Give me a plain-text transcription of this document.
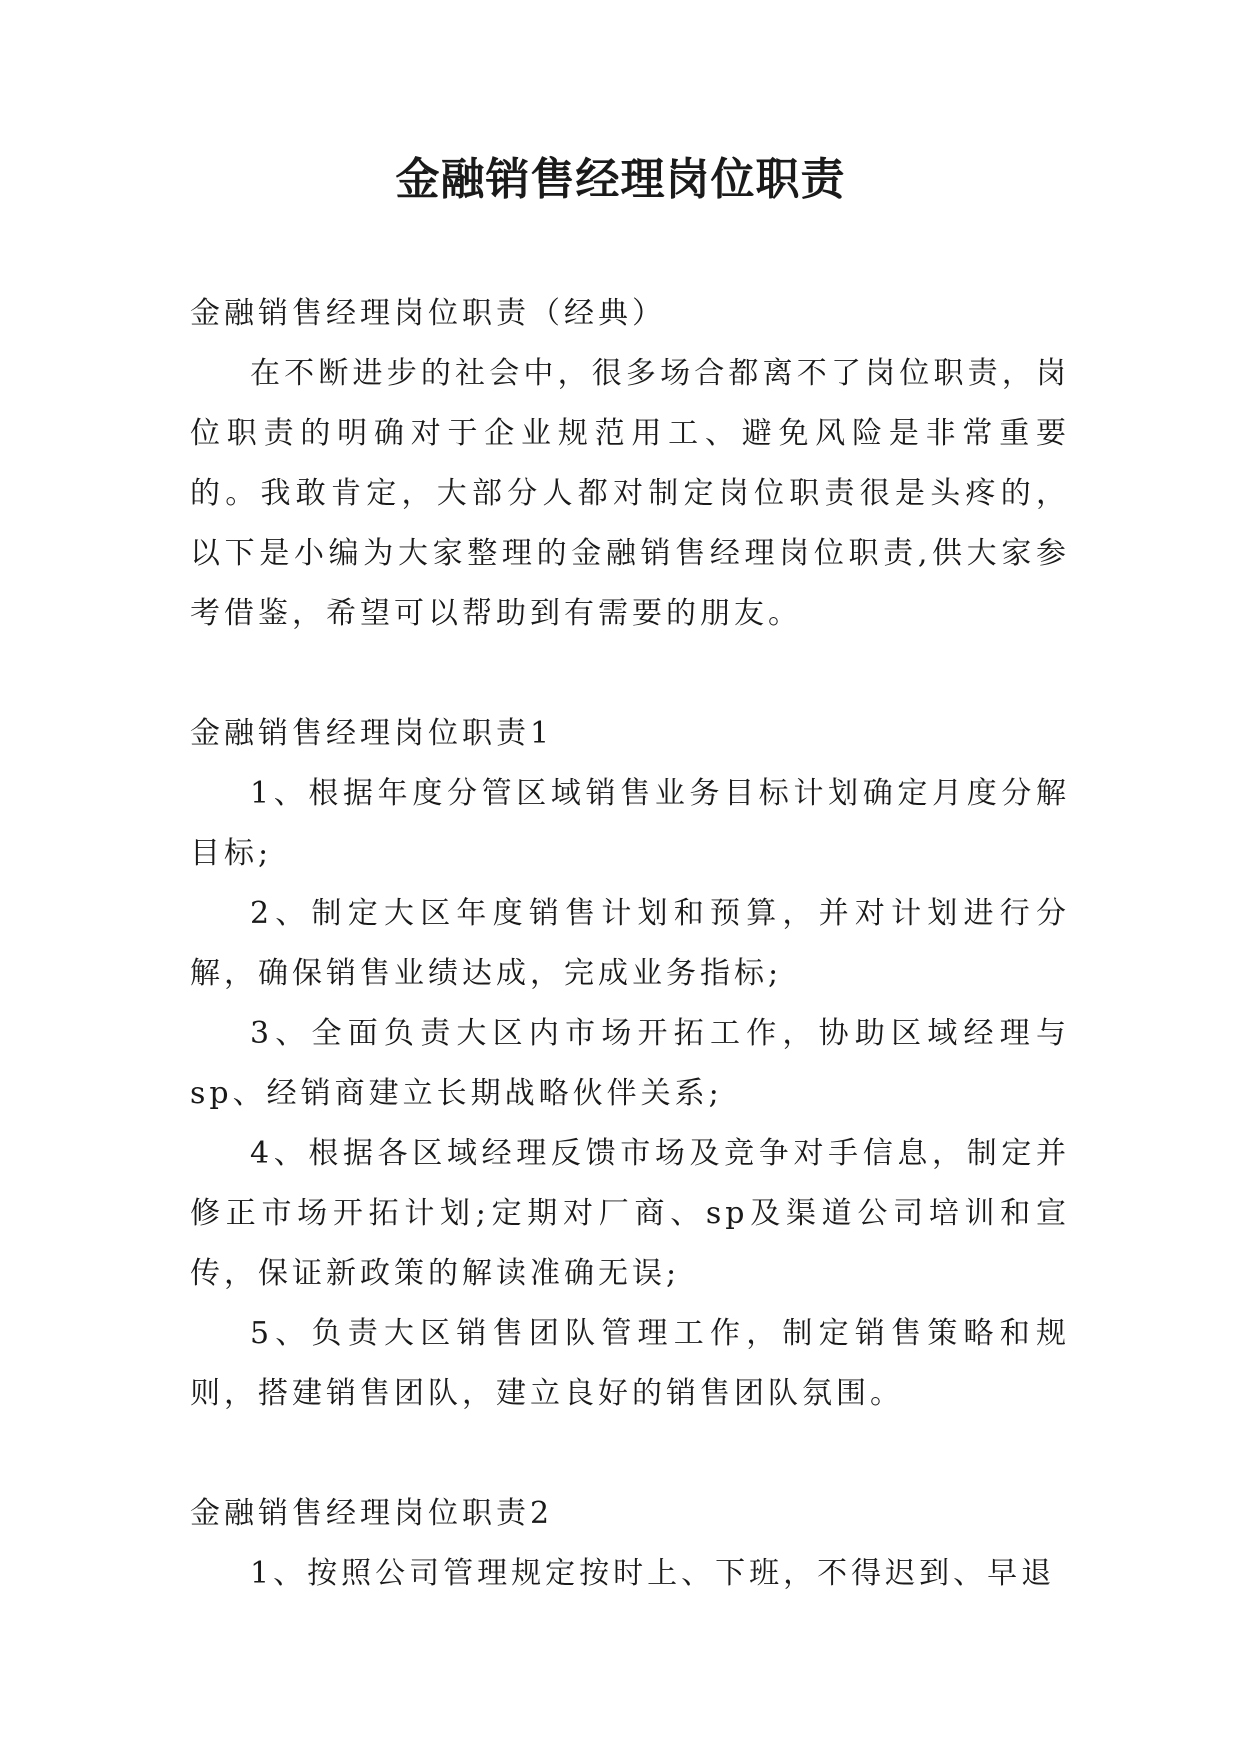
金融销售经理岗位职责

金融销售经理岗位职责（经典）

在不断进步的社会中，很多场合都离不了岗位职责，岗位职责的明确对于企业规范用工、避免风险是非常重要的。我敢肯定，大部分人都对制定岗位职责很是头疼的，以下是小编为大家整理的金融销售经理岗位职责,供大家参考借鉴，希望可以帮助到有需要的朋友。

金融销售经理岗位职责1

1、根据年度分管区域销售业务目标计划确定月度分解目标;

2、制定大区年度销售计划和预算，并对计划进行分解，确保销售业绩达成，完成业务指标;

3、全面负责大区内市场开拓工作，协助区域经理与sp、经销商建立长期战略伙伴关系;

4、根据各区域经理反馈市场及竞争对手信息，制定并修正市场开拓计划;定期对厂商、sp及渠道公司培训和宣传，保证新政策的解读准确无误;

5、负责大区销售团队管理工作，制定销售策略和规则，搭建销售团队，建立良好的销售团队氛围。

金融销售经理岗位职责2

1、按照公司管理规定按时上、下班，不得迟到、早退
